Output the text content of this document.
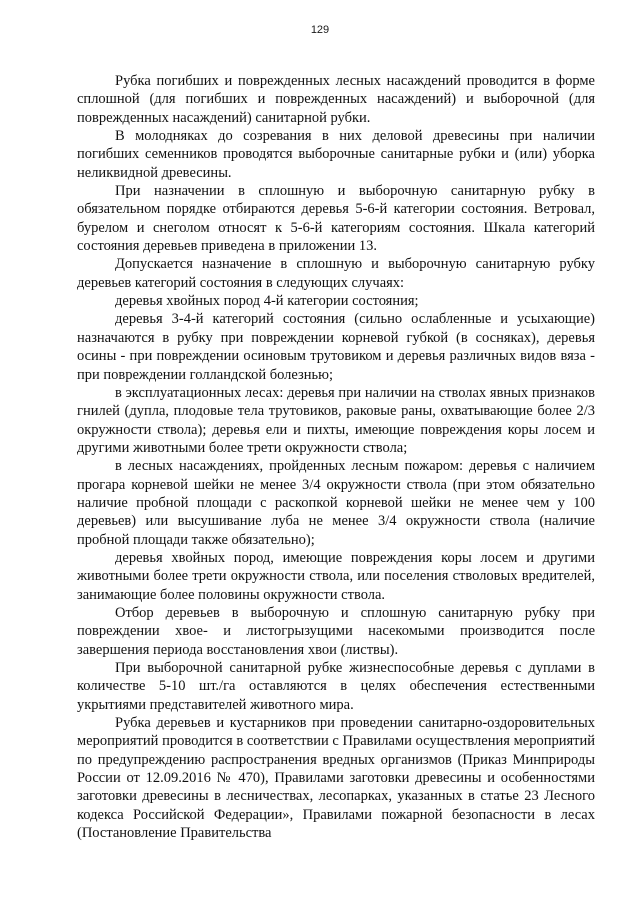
129

Рубка погибших и поврежденных лесных насаждений проводится в форме сплошной (для погибших и поврежденных насаждений) и выборочной (для поврежденных насаждений) санитарной рубки.

В молодняках до созревания в них деловой древесины при наличии погибших семенников проводятся выборочные санитарные рубки и (или) уборка неликвидной древесины.

При назначении в сплошную и выборочную санитарную рубку в обязательном порядке отбираются деревья 5-6-й категории состояния. Ветровал, бурелом и снеголом относят к 5-6-й категориям состояния. Шкала категорий состояния деревьев приведена в приложении 13.

Допускается назначение в сплошную и выборочную санитарную рубку деревьев категорий состояния в следующих случаях:

деревья хвойных пород 4-й категории состояния;

деревья 3-4-й категорий состояния (сильно ослабленные и усыхающие) назначаются в рубку при повреждении корневой губкой (в сосняках), деревья осины - при повреждении осиновым трутовиком и деревья различных видов вяза - при повреждении голландской болезнью;

в эксплуатационных лесах: деревья при наличии на стволах явных признаков гнилей (дупла, плодовые тела трутовиков, раковые раны, охватывающие более 2/3 окружности ствола); деревья ели и пихты, имеющие повреждения коры лосем и другими животными более трети окружности ствола;

в лесных насаждениях, пройденных лесным пожаром: деревья с наличием прогара корневой шейки не менее 3/4 окружности ствола (при этом обязательно наличие пробной площади с раскопкой корневой шейки не менее чем у 100 деревьев) или высушивание луба не менее 3/4 окружности ствола (наличие пробной площади также обязательно);

деревья хвойных пород, имеющие повреждения коры лосем и другими животными более трети окружности ствола, или поселения стволовых вредителей, занимающие более половины окружности ствола.

Отбор деревьев в выборочную и сплошную санитарную рубку при повреждении хвое- и листогрызущими насекомыми производится после завершения периода восстановления хвои (листвы).

При выборочной санитарной рубке жизнеспособные деревья с дуплами в количестве 5-10 шт./га оставляются в целях обеспечения естественными укрытиями представителей животного мира.

Рубка деревьев и кустарников при проведении санитарно-оздоровительных мероприятий проводится в соответствии с Правилами осуществления мероприятий по предупреждению распространения вредных организмов (Приказ Минприроды России от 12.09.2016 № 470), Правилами заготовки древесины и особенностями заготовки древесины в лесничествах, лесопарках, указанных в статье 23 Лесного кодекса Российской Федерации», Правилами пожарной безопасности в лесах (Постановление Правительства
